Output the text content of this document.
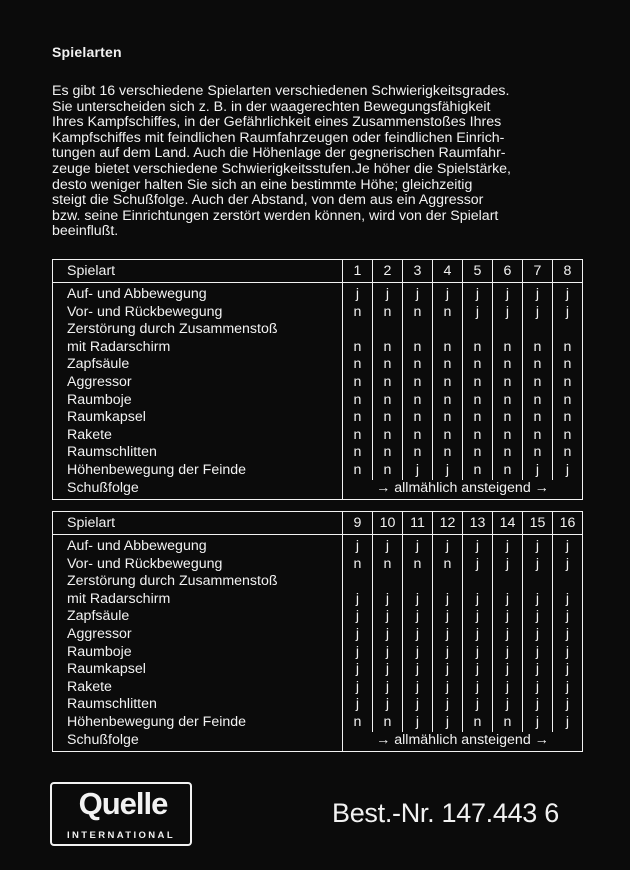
Spielarten
Es gibt 16 verschiedene Spielarten verschiedenen Schwierigkeitsgrades.
Sie unterscheiden sich z. B. in der waagerechten Bewegungsfähigkeit
Ihres Kampfschiffes, in der Gefährlichkeit eines Zusammenstoßes Ihres
Kampfschiffes mit feindlichen Raumfahrzeugen oder feindlichen Einrich-
tungen auf dem Land. Auch die Höhenlage der gegnerischen Raumfahr-
zeuge bietet verschiedene Schwierigkeitsstufen.Je höher die Spielstärke,
desto weniger halten Sie sich an eine bestimmte Höhe; gleichzeitig
steigt die Schußfolge. Auch der Abstand, von dem aus ein Aggressor
bzw. seine Einrichtungen zerstört werden können, wird von der Spielart
beeinflußt.
Spielart	1	2	3	4	5	6	7	8
Auf- und Abbewegung	j	j	j	j	j	j	j	j
Vor- und Rückbewegung	n	n	n	n	j	j	j	j
Zerstörung durch Zusammenstoß								
mit Radarschirm	n	n	n	n	n	n	n	n
Zapfsäule	n	n	n	n	n	n	n	n
Aggressor	n	n	n	n	n	n	n	n
Raumboje	n	n	n	n	n	n	n	n
Raumkapsel	n	n	n	n	n	n	n	n
Rakete	n	n	n	n	n	n	n	n
Raumschlitten	n	n	n	n	n	n	n	n
Höhenbewegung der Feinde	n	n	j	j	n	n	j	j
Schußfolge	→ allmählich ansteigend →							
Spielart	9	10	11	12	13	14	15	16
Auf- und Abbewegung	j	j	j	j	j	j	j	j
Vor- und Rückbewegung	n	n	n	n	j	j	j	j
Zerstörung durch Zusammenstoß								
mit Radarschirm	j	j	j	j	j	j	j	j
Zapfsäule	j	j	j	j	j	j	j	j
Aggressor	j	j	j	j	j	j	j	j
Raumboje	j	j	j	j	j	j	j	j
Raumkapsel	j	j	j	j	j	j	j	j
Rakete	j	j	j	j	j	j	j	j
Raumschlitten	j	j	j	j	j	j	j	j
Höhenbewegung der Feinde	n	n	j	j	n	n	j	j
Schußfolge	→ allmählich ansteigend →							
Quelle
INTERNATIONAL
Best.-Nr. 147.443 6
